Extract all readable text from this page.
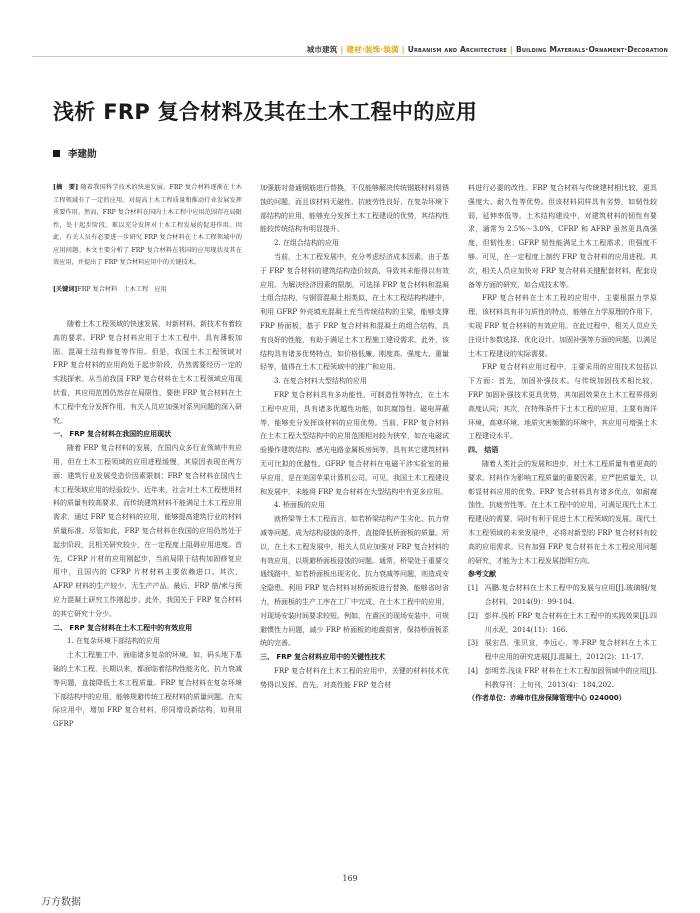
城市建筑 | 建材·装饰·装潢 | Urbanism and Architecture | Building Materials·Ornament·Decoration
浅析 FRP 复合材料及其在土木工程中的应用
李建勋

[摘　要] 随着我国科学技术的快速发展，FRP 复合材料逐渐在土木工程领域有了一定的应用。对提高土木工程质量和推动行业发展发挥重要作用。然而，FRP 复合材料在国内土木工程中应用范围存在局限性，处于起步阶段。难以充分发挥对土木工程发展的促进作用。因此，有关人员有必要进一步研究 FRP 复合材料在土木工程领域中的应用问题。本文主要分析了 FRP 复合材料在我国的应用现状及其在效应用，并提出了 FRP 复合材料应用中的关键技术。

[关键词]FRP 复合材料　土木工程　应用

随着土木工程领域的快速发展，对新材料、新技术有着较高的要求。FRP 复合材料应用于土木工程中，具有薄板加固、混凝土结构修复等作用。但是，我国土木工程领域对 FRP 复合材料的应用尚处于起步阶段，仍然需要经历一定的实践探索。从当前我国 FRP 复合材料在土木工程领域应用现状看，其应用范围仍然存在局限性，要使 FRP 复合材料在土木工程中充分发挥作用，有关人员应加强对系列问题的深入研究。

一、 FRP 复合材料在我国的应用现状

随着 FRP 复合材料的发展，在国内众多行业领域中有应用，但在土木工程领域的应用进程缓慢，其原因表现在两方面：建筑行业发展受造价因素限制；FRP 复合材料在国内土木工程领域应用的经验较少。近年来，社会对土木工程使用材料的质量有较高要求，而传统建筑材料不能满足土木工程应用需求，通过 FRP 复合材料的应用，能够提高建筑行业的材料质量标准。尽管如此，FRP 复合材料在我国的应用仍然处于起步阶段，且相关研究较少，在一定程度上阻碍应用进度。首先，CFRP 片材的应用刚起步，当前局限于结构加固修复应用中，且国内的 CFRP 片材材料主要依赖进口。其次，AFRP 材料的生产较少，无生产产品。最后，FRP 筋/索与预应力混凝土研究工作刚起步。此外，我国关于 FRP 复合材料的其它研究十分少。

二、 FRP 复合材料在土木工程中的有效应用

1. 在复杂环境下部结构的应用

土木工程施工中，面临诸多复杂的环境。如，码头地下基础的土木工程，长期以来，都面临着结构性能劣化、抗力衰减等问题，直接降低土木工程质量。FRP 复合材料在复杂环境下部结构中的应用，能够规避传统工程材料的质量问题。在实际应用中，增加 FRP 复合材料，形同增设新结构，如利用 GFRP

加强筋对普通钢筋进行替换，不仅能够解决传统钢筋材料易锈蚀的问题，而且该材料无磁性、抗疲劳性良好，在复杂环境下部结构的应用，能够充分发挥土木工程建设的优势，其结构性能较传统结构有明显提升。

2. 在组合结构的应用

当前，土木工程发展中，充分考虑经济成本因素。由于基于 FRP 复合材料的建筑结构造价较高，导致其未能得以有效应用。为解决经济因素的限制，可选择 FRP 复合材料和混凝土组合结构，与钢管混凝土相类似，在土木工程结构构建中，利用 GFRP 外壳填充混凝土充当传统结构的主梁，能够支撑 FRP 桥面板，基于 FRP 复合材料和混凝土的组合结构，具有良好的性能，有助于满足土木工程施工建设需求。此外，该结构具有诸多优势特点，如价格低廉、刚度高、强度大、重量轻等，值得在土木工程领域中的推广和应用。

3. 在复合材料大型结构的应用

FRP 复合材料具有多功能性、可制造性等特点，在土木工程中应用，具有诸多优越性功能，如抗腐蚀性、磁电屏蔽等，能够充分发挥该材料的应用优势。当前，FRP 复合材料在土木工程大型结构中的应用范围相对较为狭窄，如在电磁试验操作建筑结构、感光电路金属板房间等，具有其它建筑材料无可比拟的优越性。GFRP 复合材料在电磁干涉实验室的最早应用，是在美国苹果计算机公司。可见，我国土木工程建设和发展中，未能将 FRP 复合材料在大型结构中有更多应用。

4. 桥面板的应用

就桥梁等土木工程而言，如若桥梁结构产生劣化、抗力衰减等问题，成为结构侵蚀的条件，直接降低桥面板的质量。所以，在土木工程发展中，相关人员应加强对 FRP 复合材料的有效应用，以规避桥面板侵蚀的问题。通常，桥梁处于重要交通线路中，如若桥面板出现劣化、抗力衰减等问题，则造成安全隐患。利用 FRP 复合材料对桥面板进行替换，能够省时省力，桥面板的生产工序在工厂中完成，在土木工程中的应用，对现场安装时间要求较短。例如，在震区的现场安装中，可规避惯性力问题，减少 FRP 桥面板的地震损害，保持桥面板系统的完善。

三、 FRP 复合材料应用中的关键性技术

FRP 复合材料在土木工程的应用中，关键的材料技术优势得以发挥。首先，对高性能 FRP 复合材

料进行必要的改性。FRP 复合材料与传统建材相比较，更具强度大、耐久性等优势。但该材料同样具有劣势，如韧性较弱，延伸率低等。土木结构建设中，对建筑材料的韧性有要求，通常为 2.5%～3.0%，CFRP 和 AFRP 虽然更具高强度，但韧性差；GFRP 韧性能满足土木工程需求，但强度不够。可见，在一定程度上制约 FRP 复合材料的应用进程。其次，相关人员应加快对 FRP 复合材料关键配套材料、配套设备等方面的研究，如合成技术等。

FRP 复合材料在土木工程的应用中，主要根据力学原理，该材料具有非匀质性的特点，能够在力学原理的作用下，实现 FRP 复合材料的有效应用。在此过程中，相关人员应关注设计参数选择、优化设计、加固补强等方面的问题，以满足土木工程建设的实际需要。

FRP 复合材料应用过程中，主要采用的应用技术包括以下方面：首先，加固补强技术。与传统加固技术相比较，FRP 加固补强技术更具优势，其加固效果在土木工程界得到高度认同；其次，在特殊条件下土木工程的应用，主要有海洋环境、高寒环境、地质灾害频繁的环境中，其应用可增强土木工程建设水平。

四、 结语

随着人类社会的发展和进步，对土木工程质量有着更高的要求。材料作为影响工程质量的重要因素，应严把质量关，以彰显材料应用的优势。FRP 复合材料具有诸多优点，如耐腐蚀性、抗疲劳性等。在土木工程中的应用，可满足现代土木工程建设的需要，同时有利于促进土木工程领域的发展。现代土木工程领域的未来发展中，必将对新型的 FRP 复合材料有较高的应用需求。只有加强 FRP 复合材料在土木工程应用问题的研究，才能为土木工程发展指明方向。

参考文献

[1] 冯鹏.复合材料在土木工程中的发展与应用[J].玻璃钢/复合材料，2014(9)：99-104.

[2] 彭样.浅析 FRP 复合材料在土木工程中的实践效果[J].四川水泥，2014(11)：166.

[3] 展宏昌，张贝宣，李远心，等.FRP 复合材料在土木工程中应用的研究进展[J].混凝土，2012(2)：11-17.

[4] 彭明芳.浅谈 FRP 材料在土木工程加固领域中的应用[J].科教导刊：上旬刊，2013(4)：184,202.

（作者单位：赤峰市住房保障管理中心 024000）

169
万方数据
